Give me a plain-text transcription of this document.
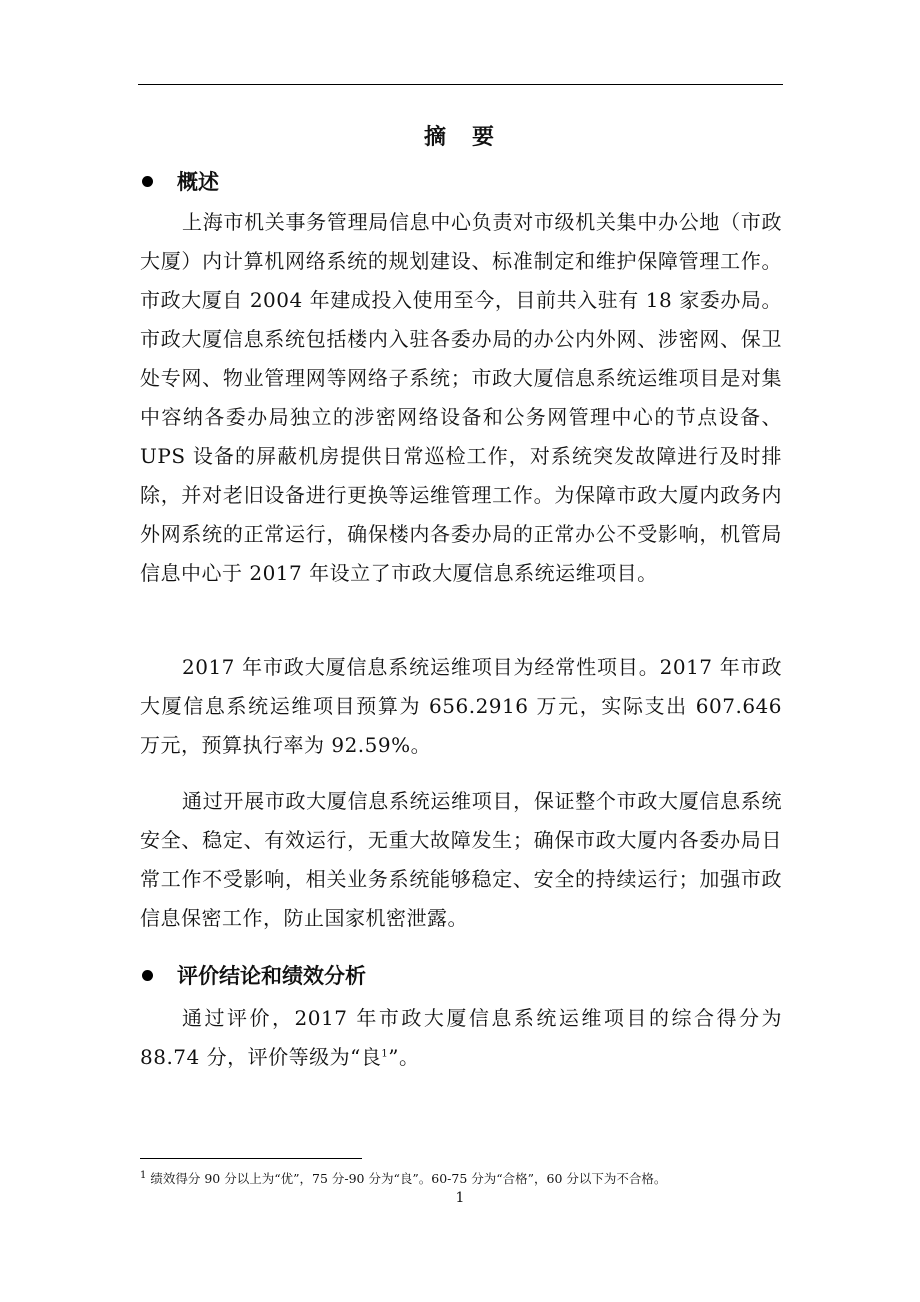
摘　要
概述

上海市机关事务管理局信息中心负责对市级机关集中办公地（市政大厦）内计算机网络系统的规划建设、标准制定和维护保障管理工作。市政大厦自 2004 年建成投入使用至今，目前共入驻有 18 家委办局。市政大厦信息系统包括楼内入驻各委办局的办公内外网、涉密网、保卫处专网、物业管理网等网络子系统；市政大厦信息系统运维项目是对集中容纳各委办局独立的涉密网络设备和公务网管理中心的节点设备、UPS 设备的屏蔽机房提供日常巡检工作，对系统突发故障进行及时排除，并对老旧设备进行更换等运维管理工作。为保障市政大厦内政务内外网系统的正常运行，确保楼内各委办局的正常办公不受影响，机管局信息中心于 2017 年设立了市政大厦信息系统运维项目。

2017 年市政大厦信息系统运维项目为经常性项目。2017 年市政大厦信息系统运维项目预算为 656.2916 万元，实际支出 607.646 万元，预算执行率为 92.59%。

通过开展市政大厦信息系统运维项目，保证整个市政大厦信息系统安全、稳定、有效运行，无重大故障发生；确保市政大厦内各委办局日常工作不受影响，相关业务系统能够稳定、安全的持续运行；加强市政信息保密工作，防止国家机密泄露。

评价结论和绩效分析

通过评价，2017 年市政大厦信息系统运维项目的综合得分为 88.74 分，评价等级为“良$^1$”。

$^1$ 绩效得分 90 分以上为“优”，75 分-90 分为“良”。60-75 分为“合格”，60 分以下为不合格。
1
